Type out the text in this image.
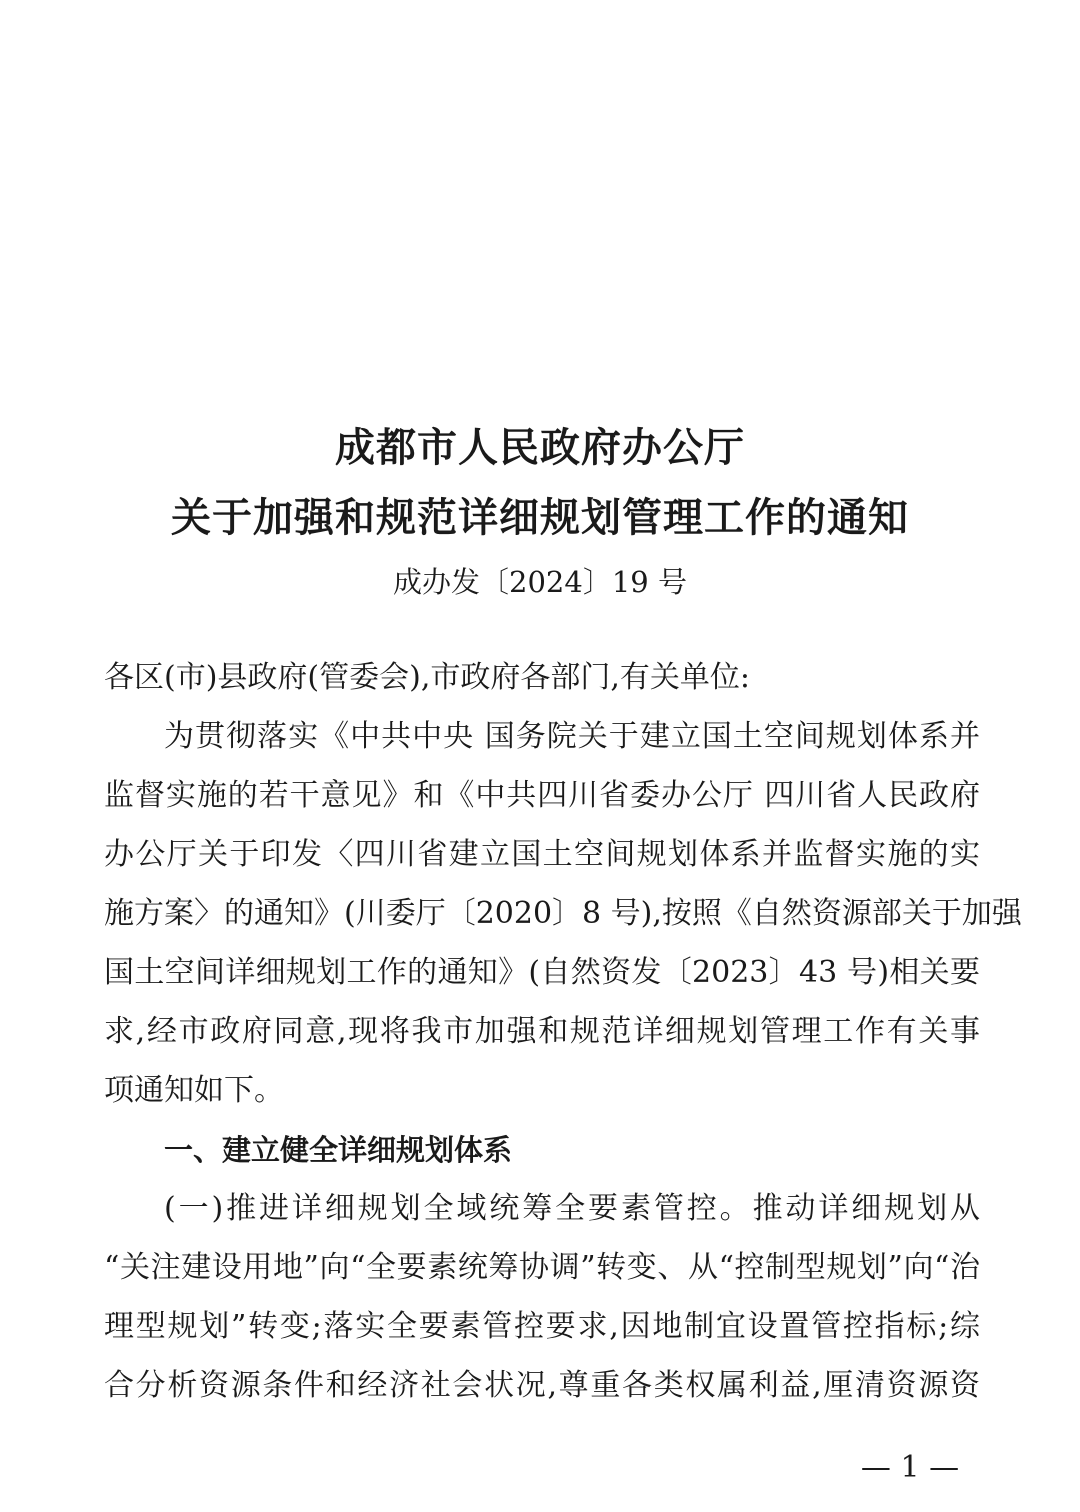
成都市人民政府办公厅
关于加强和规范详细规划管理工作的通知
成办发〔2024〕19 号
各区(市)县政府(管委会),市政府各部门,有关单位:
为贯彻落实《中共中央 国务院关于建立国土空间规划体系并
监督实施的若干意见》和《中共四川省委办公厅 四川省人民政府
办公厅关于印发〈四川省建立国土空间规划体系并监督实施的实
施方案〉的通知》(川委厅〔2020〕8 号),按照《自然资源部关于加强
国土空间详细规划工作的通知》(自然资发〔2023〕43 号)相关要
求,经市政府同意,现将我市加强和规范详细规划管理工作有关事
项通知如下。
一、建立健全详细规划体系
(一)推进详细规划全域统筹全要素管控。推动详细规划从
“关注建设用地”向“全要素统筹协调”转变、从“控制型规划”向“治
理型规划”转变;落实全要素管控要求,因地制宜设置管控指标;综
合分析资源条件和经济社会状况,尊重各类权属利益,厘清资源资
— 1 —
